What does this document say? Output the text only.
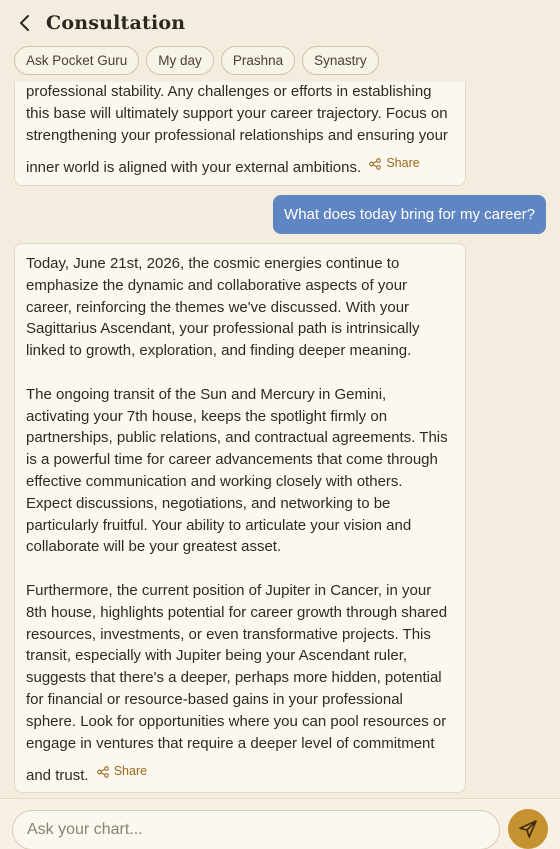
Consultation
Ask Pocket Guru	My day	Prashna	Synastry

professional stability. Any challenges or efforts in establishing
this base will ultimately support your career trajectory. Focus on
strengthening your professional relationships and ensuring your
inner world is aligned with your external ambitions. Share

What does today bring for my career?

Today, June 21st, 2026, the cosmic energies continue to
emphasize the dynamic and collaborative aspects of your
career, reinforcing the themes we've discussed. With your
Sagittarius Ascendant, your professional path is intrinsically
linked to growth, exploration, and finding deeper meaning.

The ongoing transit of the Sun and Mercury in Gemini,
activating your 7th house, keeps the spotlight firmly on
partnerships, public relations, and contractual agreements. This
is a powerful time for career advancements that come through
effective communication and working closely with others.
Expect discussions, negotiations, and networking to be
particularly fruitful. Your ability to articulate your vision and
collaborate will be your greatest asset.

Furthermore, the current position of Jupiter in Cancer, in your
8th house, highlights potential for career growth through shared
resources, investments, or even transformative projects. This
transit, especially with Jupiter being your Ascendant ruler,
suggests that there's a deeper, perhaps more hidden, potential
for financial or resource-based gains in your professional
sphere. Look for opportunities where you can pool resources or
engage in ventures that require a deeper level of commitment
and trust. Share

Ask your chart...
